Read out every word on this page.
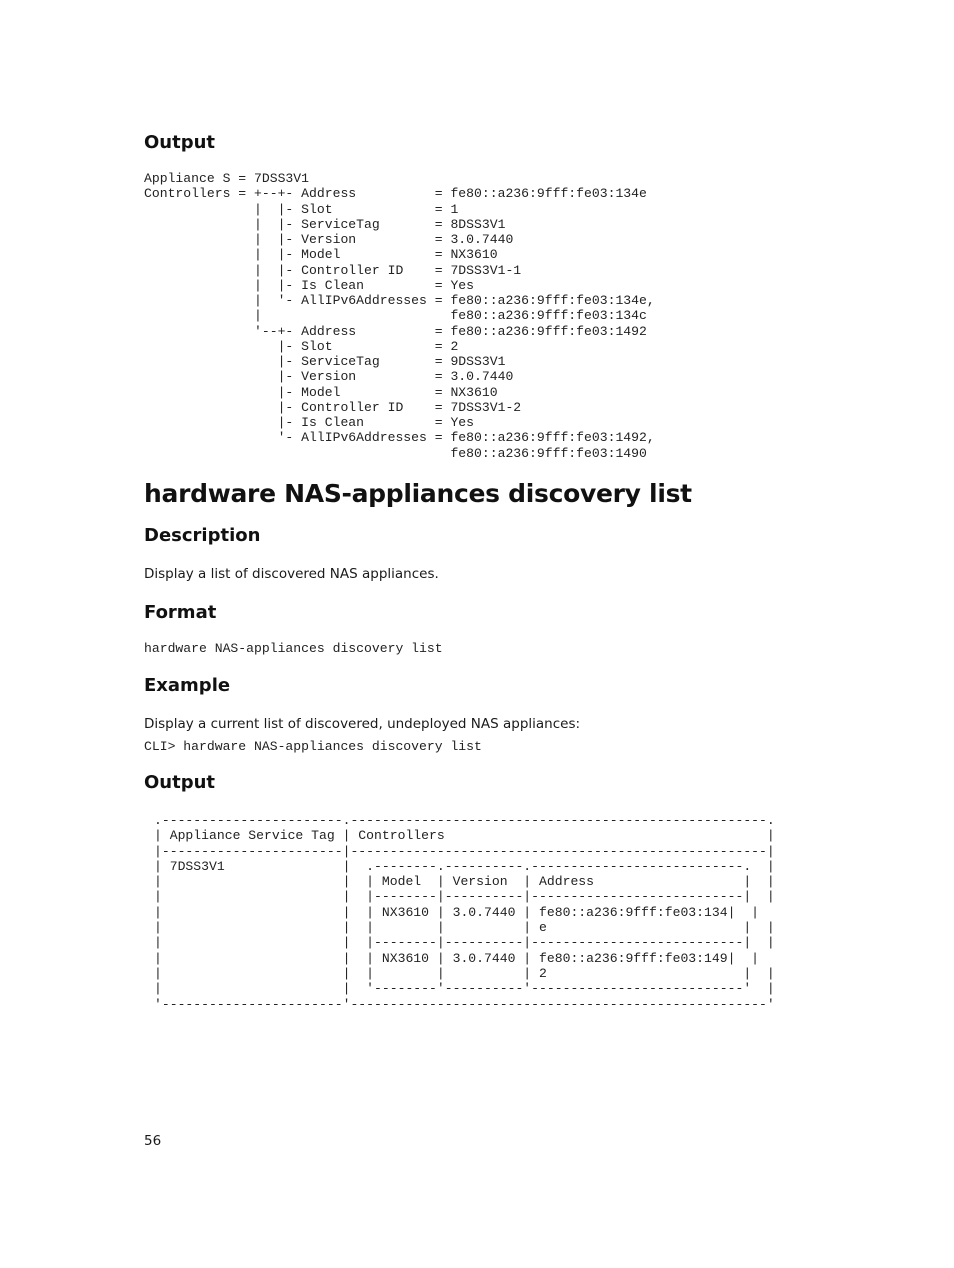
Output
Appliance S = 7DSS3V1
Controllers = +--+- Address          = fe80::a236:9fff:fe03:134e
|  |- Slot             = 1
|  |- ServiceTag       = 8DSS3V1
|  |- Version          = 3.0.7440
|  |- Model            = NX3610
|  |- Controller ID    = 7DSS3V1-1
|  |- Is Clean         = Yes
|  '- AllIPv6Addresses = fe80::a236:9fff:fe03:134e,
|                        fe80::a236:9fff:fe03:134c
'--+- Address          = fe80::a236:9fff:fe03:1492
|- Slot             = 2
|- ServiceTag       = 9DSS3V1
|- Version          = 3.0.7440
|- Model            = NX3610
|- Controller ID    = 7DSS3V1-2
|- Is Clean         = Yes
'- AllIPv6Addresses = fe80::a236:9fff:fe03:1492,
fe80::a236:9fff:fe03:1490
hardware NAS-appliances discovery list
Description
Display a list of discovered NAS appliances.
Format
hardware NAS-appliances discovery list
Example
Display a current list of discovered, undeployed NAS appliances:
CLI> hardware NAS-appliances discovery list
Output
.-----------------------.-----------------------------------------------------.
| Appliance Service Tag | Controllers                                         |
|-----------------------|-----------------------------------------------------|
| 7DSS3V1               |  .--------.----------.---------------------------.  |
|                       |  | Model  | Version  | Address                   |  |
|                       |  |--------|----------|---------------------------|  |
|                       |  | NX3610 | 3.0.7440 | fe80::a236:9fff:fe03:134|  |
|                       |  |        |          | e                         |  |
|                       |  |--------|----------|---------------------------|  |
|                       |  | NX3610 | 3.0.7440 | fe80::a236:9fff:fe03:149|  |
|                       |  |        |          | 2                         |  |
|                       |  '--------'----------'---------------------------'  |
'-----------------------'-----------------------------------------------------'
56
